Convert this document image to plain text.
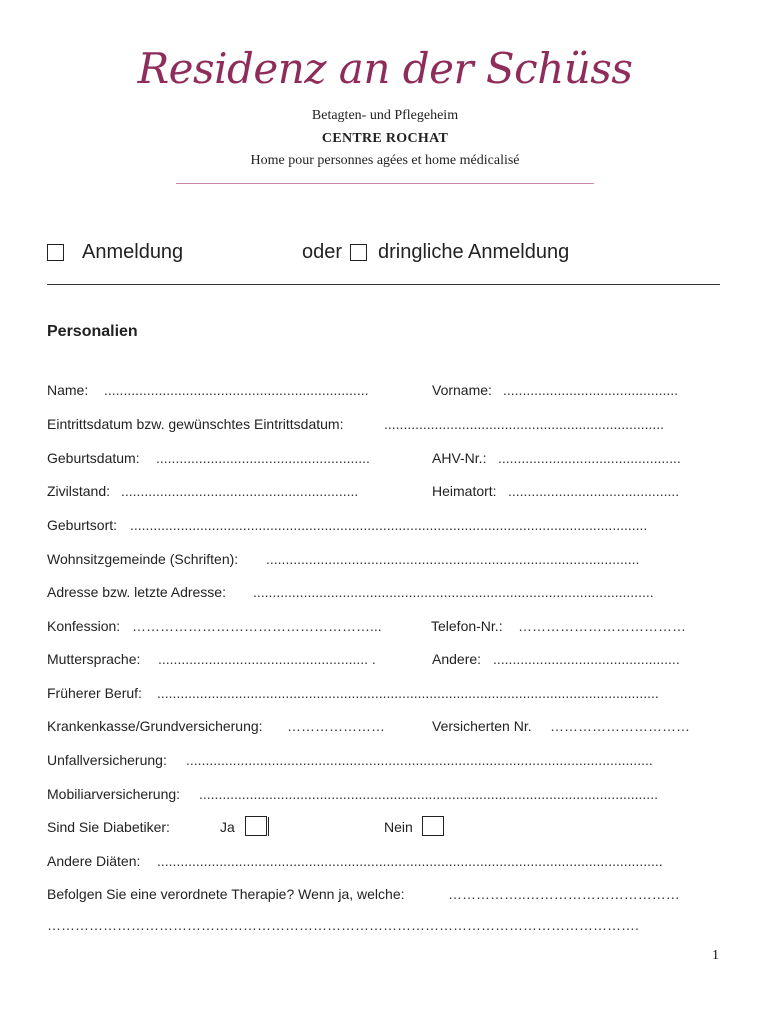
Residenz an der Schüss
Betagten- und Pflegeheim
CENTRE ROCHAT
Home pour personnes agées et home médicalisé
Anmeldung	oder dringliche Anmeldung
Personalien
Name: ....................................................................	Vorname: .............................................
Eintrittsdatum bzw. gewünschtes Eintrittsdatum:	........................................................................
Geburtsdatum: .......................................................	AHV-Nr.: ...............................................
Zivilstand: .............................................................	Heimatort: ............................................
Geburtsort: .....................................................................................................................................
Wohnsitzgemeinde (Schriften): ................................................................................................
Adresse bzw. letzte Adresse: .......................................................................................................
Konfession: ……………………………………………...	Telefon-Nr.: ………………………………
Muttersprache: ...................................................... .	Andere: ................................................
Früherer Beruf: .................................................................................................................................
Krankenkasse/Grundversicherung: …………………	Versicherten Nr. …………………………
Unfallversicherung: ........................................................................................................................
Mobiliarversicherung: ......................................................................................................................
Sind Sie Diabetiker:	Ja	Nein
Andere Diäten: ..................................................................................................................................
Befolgen Sie eine verordnete Therapie? Wenn ja, welche:	……………..……………………………
……………………………………………………………………………………………………………….
1
